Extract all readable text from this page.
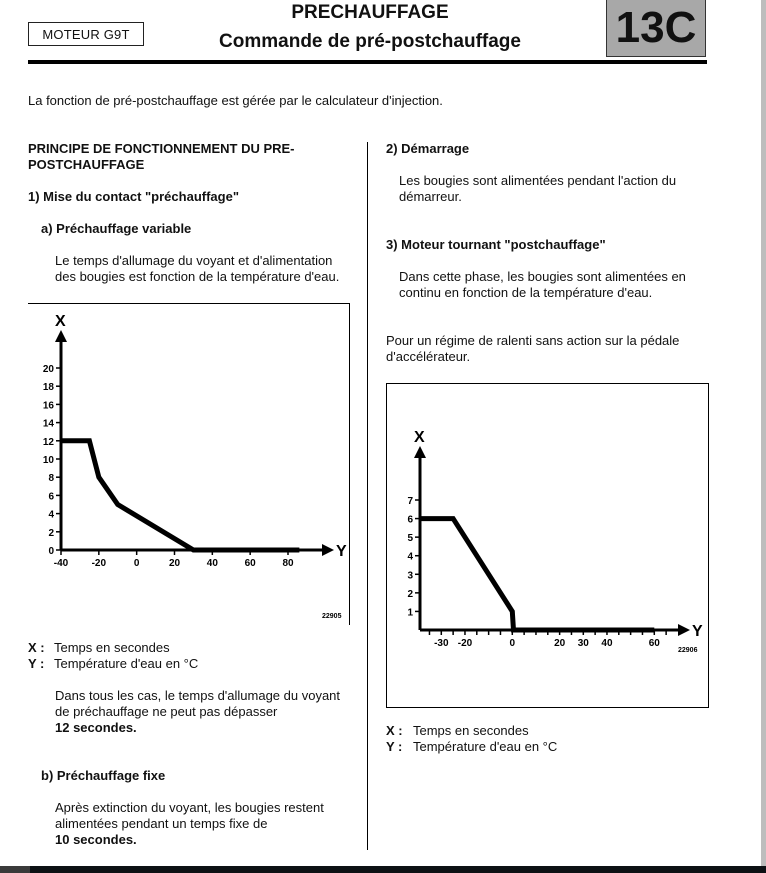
MOTEUR G9T
PRECHAUFFAGE
Commande de pré-postchauffage	13C
La fonction de pré-postchauffage est gérée par le calculateur d'injection.
PRINCIPE DE FONCTIONNEMENT DU PRE-
POSTCHAUFFAGE
1) Mise du contact "préchauffage"
a) Préchauffage variable
Le temps d'allumage du voyant et d'alimentation
des bougies est fonction de la température d'eau.
0
2
4
6
8
10
12
14
16
18
20
-40 -20	0	20	40	60	80
Y
X
22905
X : Temps en secondes
Y : Température d'eau en °C
Dans tous les cas, le temps d'allumage du voyant
de préchauffage ne peut pas dépasser
12 secondes.
b) Préchauffage fixe
Après extinction du voyant, les bougies restent
alimentées pendant un temps fixe de
10 secondes.
2) Démarrage
Les bougies sont alimentées pendant l'action du
démarreur.
3) Moteur tournant "postchauffage"
Dans cette phase, les bougies sont alimentées en
continu en fonction de la température d'eau.
Pour un régime de ralenti sans action sur la pédale
d'accélérateur.
1
2
3
4
5
6
7
-30 -20	0	20 30 40	60
Y
X
22906
X : Temps en secondes
Y : Température d'eau en °C
